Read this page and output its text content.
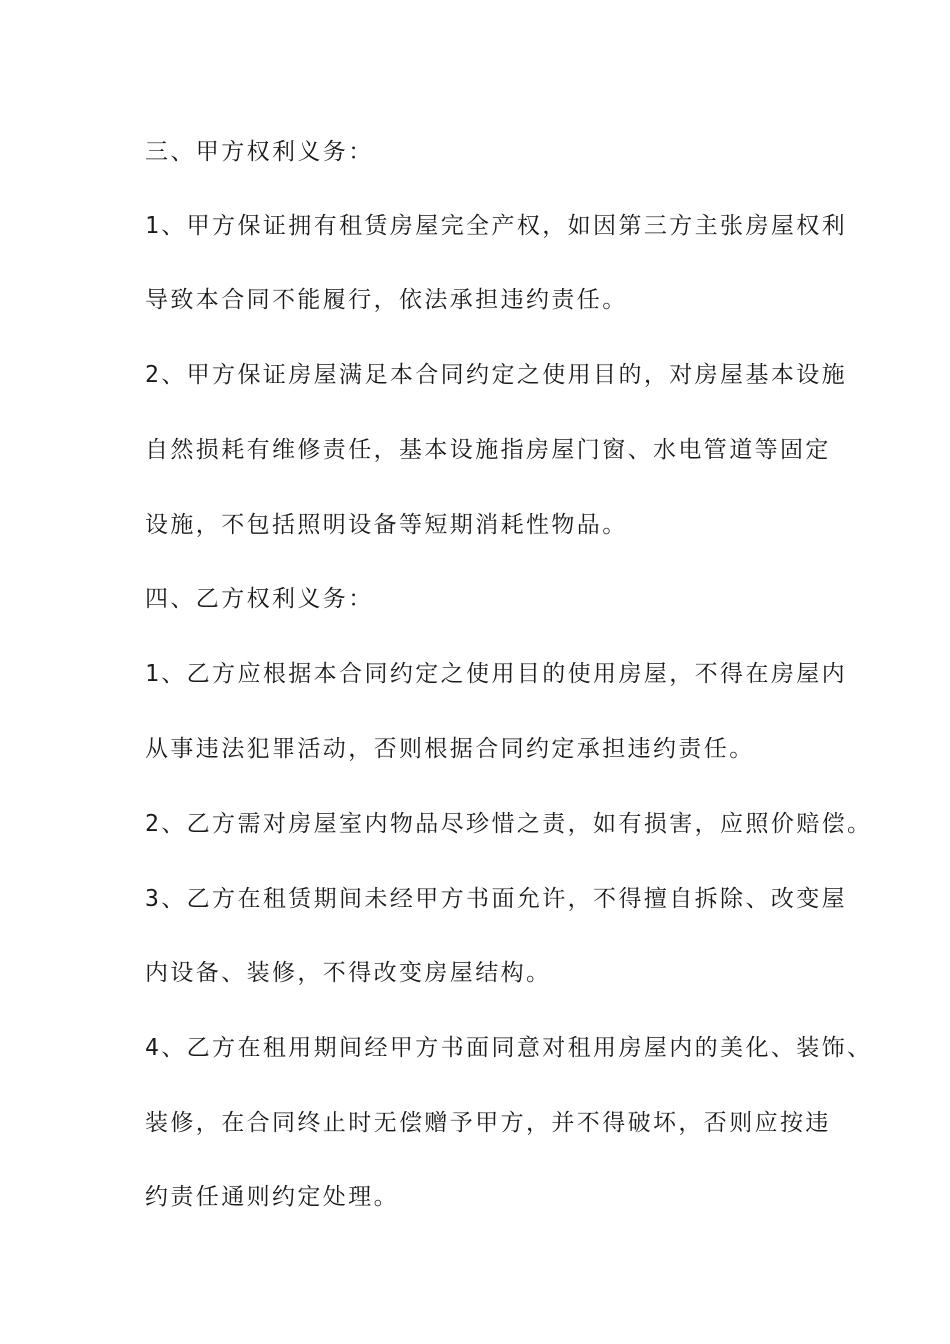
三、甲方权利义务：
1、甲方保证拥有租赁房屋完全产权，如因第三方主张房屋权利
导致本合同不能履行，依法承担违约责任。
2、甲方保证房屋满足本合同约定之使用目的，对房屋基本设施
自然损耗有维修责任，基本设施指房屋门窗、水电管道等固定
设施，不包括照明设备等短期消耗性物品。
四、乙方权利义务：
1、乙方应根据本合同约定之使用目的使用房屋，不得在房屋内
从事违法犯罪活动，否则根据合同约定承担违约责任。
2、乙方需对房屋室内物品尽珍惜之责，如有损害，应照价赔偿。
3、乙方在租赁期间未经甲方书面允许，不得擅自拆除、改变屋
内设备、装修，不得改变房屋结构。
4、乙方在租用期间经甲方书面同意对租用房屋内的美化、装饰、
装修，在合同终止时无偿赠予甲方，并不得破坏，否则应按违
约责任通则约定处理。
